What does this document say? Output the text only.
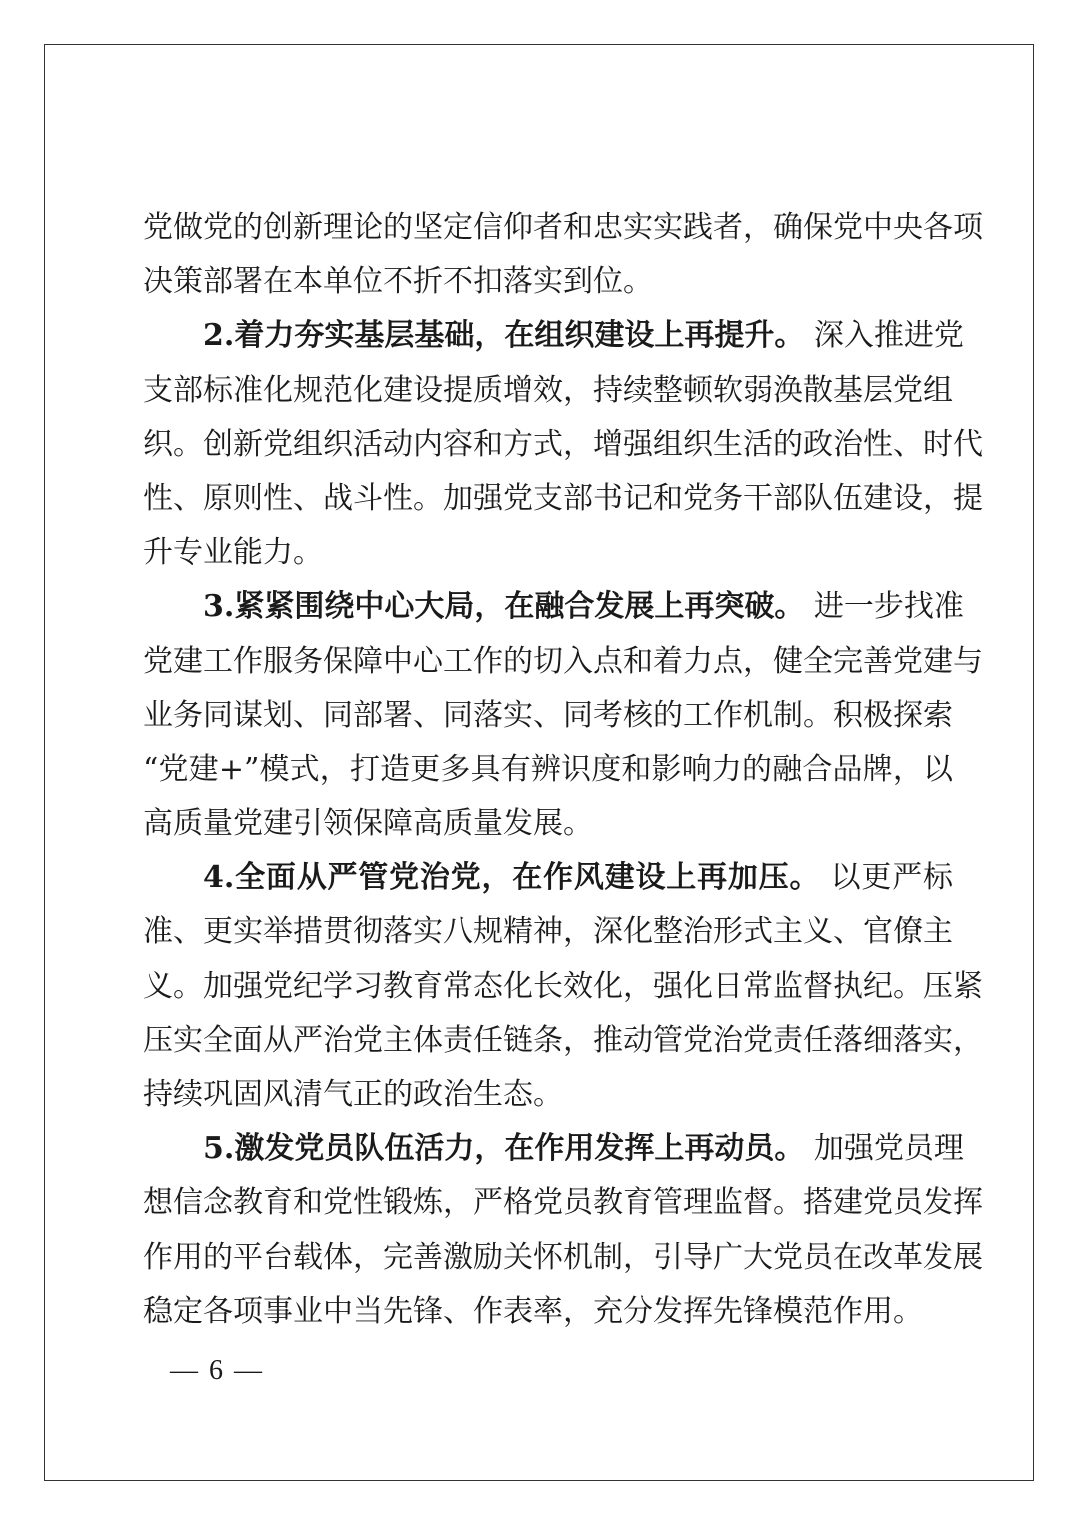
党做党的创新理论的坚定信仰者和忠实实践者，确保党中央各项
决策部署在本单位不折不扣落实到位。
2.着力夯实基层基础，在组织建设上再提升。 深入推进党
支部标准化规范化建设提质增效，持续整顿软弱涣散基层党组
织。创新党组织活动内容和方式，增强组织生活的政治性、时代
性、原则性、战斗性。加强党支部书记和党务干部队伍建设，提
升专业能力。
3.紧紧围绕中心大局，在融合发展上再突破。 进一步找准
党建工作服务保障中心工作的切入点和着力点，健全完善党建与
业务同谋划、同部署、同落实、同考核的工作机制。积极探索
“党建+”模式，打造更多具有辨识度和影响力的融合品牌，以
高质量党建引领保障高质量发展。
4.全面从严管党治党，在作风建设上再加压。 以更严标
准、更实举措贯彻落实八规精神，深化整治形式主义、官僚主
义。加强党纪学习教育常态化长效化，强化日常监督执纪。压紧
压实全面从严治党主体责任链条，推动管党治党责任落细落实，
持续巩固风清气正的政治生态。
5.激发党员队伍活力，在作用发挥上再动员。 加强党员理
想信念教育和党性锻炼，严格党员教育管理监督。搭建党员发挥
作用的平台载体，完善激励关怀机制，引导广大党员在改革发展
稳定各项事业中当先锋、作表率，充分发挥先锋模范作用。
— 6 —
